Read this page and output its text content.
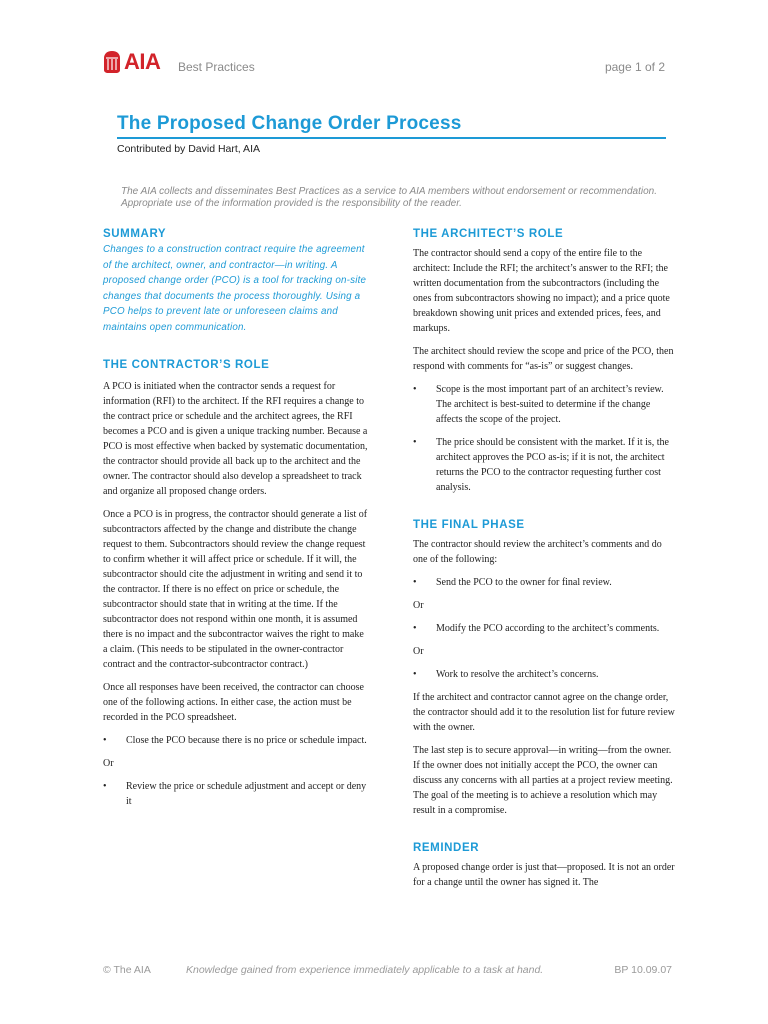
AIA Best Practices	page 1 of 2
The Proposed Change Order Process
Contributed by David Hart, AIA
The AIA collects and disseminates Best Practices as a service to AIA members without endorsement or recommendation. Appropriate use of the information provided is the responsibility of the reader.
SUMMARY

Changes to a construction contract require the agreement of the architect, owner, and contractor—in writing. A proposed change order (PCO) is a tool for tracking on-site changes that documents the process thoroughly. Using a PCO helps to prevent late or unforeseen claims and maintains open communication.

THE CONTRACTOR’S ROLE

A PCO is initiated when the contractor sends a request for information (RFI) to the architect. If the RFI requires a change to the contract price or schedule and the architect agrees, the RFI becomes a PCO and is given a unique tracking number. Because a PCO is most effective when backed by systematic documentation, the contractor should provide all back up to the architect and the owner. The contractor should also develop a spreadsheet to track and organize all proposed change orders.

Once a PCO is in progress, the contractor should generate a list of subcontractors affected by the change and distribute the change request to them. Subcontractors should review the change request to confirm whether it will affect price or schedule. If it will, the subcontractor should cite the adjustment in writing and send it to the contractor. If there is no effect on price or schedule, the subcontractor should state that in writing at the time. If the subcontractor does not respond within one month, it is assumed there is no impact and the subcontractor waives the right to make a claim. (This needs to be stipulated in the owner-contractor contract and the contractor-subcontractor contract.)

Once all responses have been received, the contractor can choose one of the following actions. In either case, the action must be recorded in the PCO spreadsheet.

•	Close the PCO because there is no price or schedule impact.

Or

•	Review the price or schedule adjustment and accept or deny it
THE ARCHITECT’S ROLE

The contractor should send a copy of the entire file to the architect: Include the RFI; the architect’s answer to the RFI; the written documentation from the subcontractors (including the ones from subcontractors showing no impact); and a price quote breakdown showing unit prices and extended prices, fees, and markups.

The architect should review the scope and price of the PCO, then respond with comments for “as-is” or suggest changes.

•	Scope is the most important part of an architect’s review. The architect is best-suited to determine if the change affects the scope of the project.
•	The price should be consistent with the market. If it is, the architect approves the PCO as-is; if it is not, the architect returns the PCO to the contractor requesting further cost analysis.
THE FINAL PHASE

The contractor should review the architect’s comments and do one of the following:

•	Send the PCO to the owner for final review.

Or

•	Modify the PCO according to the architect’s comments.

Or

•	Work to resolve the architect’s concerns.

If the architect and contractor cannot agree on the change order, the contractor should add it to the resolution list for future review with the owner.

The last step is to secure approval—in writing—from the owner. If the owner does not initially accept the PCO, the owner can discuss any concerns with all parties at a project review meeting. The goal of the meeting is to achieve a resolution which may result in a compromise.

REMINDER

A proposed change order is just that—proposed. It is not an order for a change until the owner has signed it. The

© The AIA	Knowledge gained from experience immediately applicable to a task at hand.	BP 10.09.07
